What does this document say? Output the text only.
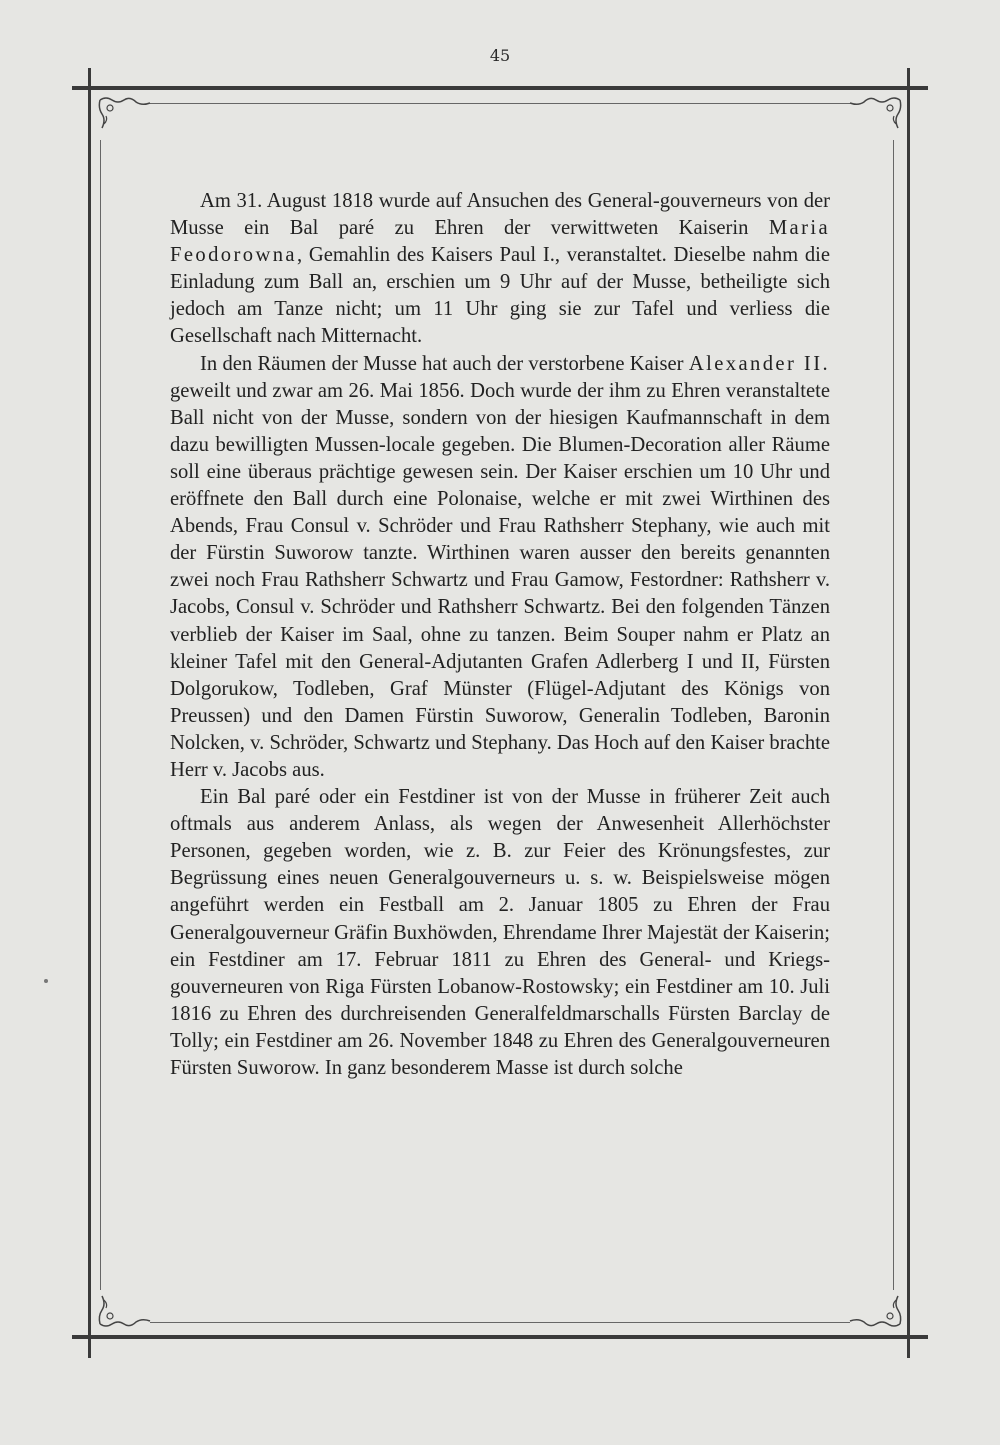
45

Am 31. August 1818 wurde auf Ansuchen des General-gouverneurs von der Musse ein Bal paré zu Ehren der verwittweten Kaiserin Maria Feodorowna, Gemahlin des Kaisers Paul I., veranstaltet. Dieselbe nahm die Einladung zum Ball an, erschien um 9 Uhr auf der Musse, betheiligte sich jedoch am Tanze nicht; um 11 Uhr ging sie zur Tafel und verliess die Gesellschaft nach Mitternacht.

In den Räumen der Musse hat auch der verstorbene Kaiser Alexander II. geweilt und zwar am 26. Mai 1856. Doch wurde der ihm zu Ehren veranstaltete Ball nicht von der Musse, sondern von der hiesigen Kaufmannschaft in dem dazu bewilligten Mussen-locale gegeben. Die Blumen-Decoration aller Räume soll eine überaus prächtige gewesen sein. Der Kaiser erschien um 10 Uhr und eröffnete den Ball durch eine Polonaise, welche er mit zwei Wirthinen des Abends, Frau Consul v. Schröder und Frau Rathsherr Stephany, wie auch mit der Fürstin Suworow tanzte. Wirthinen waren ausser den bereits genannten zwei noch Frau Rathsherr Schwartz und Frau Gamow, Festordner: Rathsherr v. Jacobs, Consul v. Schröder und Rathsherr Schwartz. Bei den folgenden Tänzen verblieb der Kaiser im Saal, ohne zu tanzen. Beim Souper nahm er Platz an kleiner Tafel mit den General-Adjutanten Grafen Adlerberg I und II, Fürsten Dolgorukow, Todleben, Graf Münster (Flügel-Adjutant des Königs von Preussen) und den Damen Fürstin Suworow, Generalin Todleben, Baronin Nolcken, v. Schröder, Schwartz und Stephany. Das Hoch auf den Kaiser brachte Herr v. Jacobs aus.

Ein Bal paré oder ein Festdiner ist von der Musse in früherer Zeit auch oftmals aus anderem Anlass, als wegen der Anwesenheit Allerhöchster Personen, gegeben worden, wie z. B. zur Feier des Krönungsfestes, zur Begrüssung eines neuen Generalgouverneurs u. s. w. Beispielsweise mögen angeführt werden ein Festball am 2. Januar 1805 zu Ehren der Frau Generalgouverneur Gräfin Buxhöwden, Ehrendame Ihrer Majestät der Kaiserin; ein Festdiner am 17. Februar 1811 zu Ehren des General- und Kriegs-gouverneuren von Riga Fürsten Lobanow-Rostowsky; ein Festdiner am 10. Juli 1816 zu Ehren des durchreisenden Generalfeldmarschalls Fürsten Barclay de Tolly; ein Festdiner am 26. November 1848 zu Ehren des Generalgouverneuren Fürsten Suworow. In ganz besonderem Masse ist durch solche
